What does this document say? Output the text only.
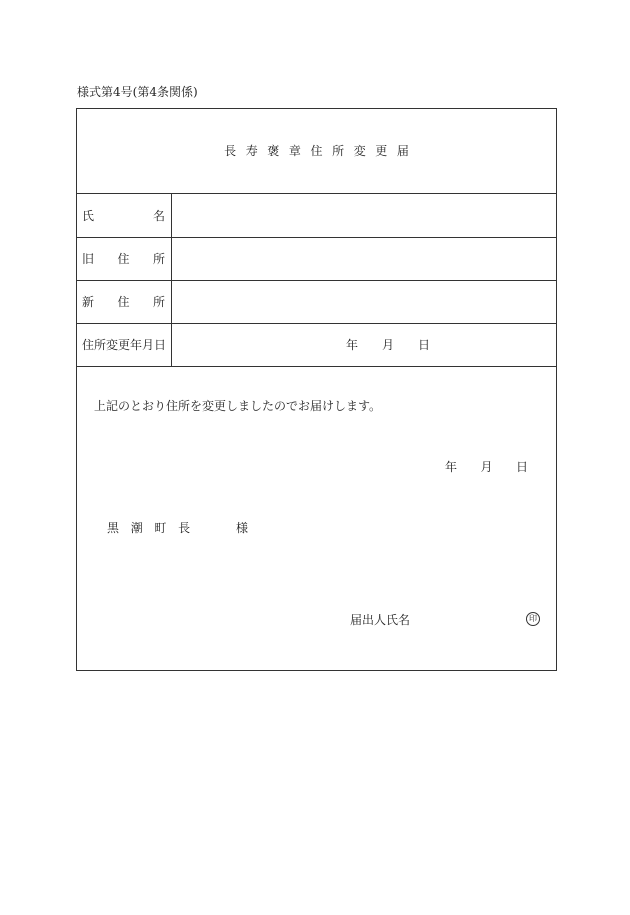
様式第4号(第4条関係)
長寿褒章住所変更届
氏名
旧住所
新住所
住所変更年月日	年月日
上記のとおり住所を変更しましたのでお届けします。
年月日
黒潮町長	様
届出人氏名	印
